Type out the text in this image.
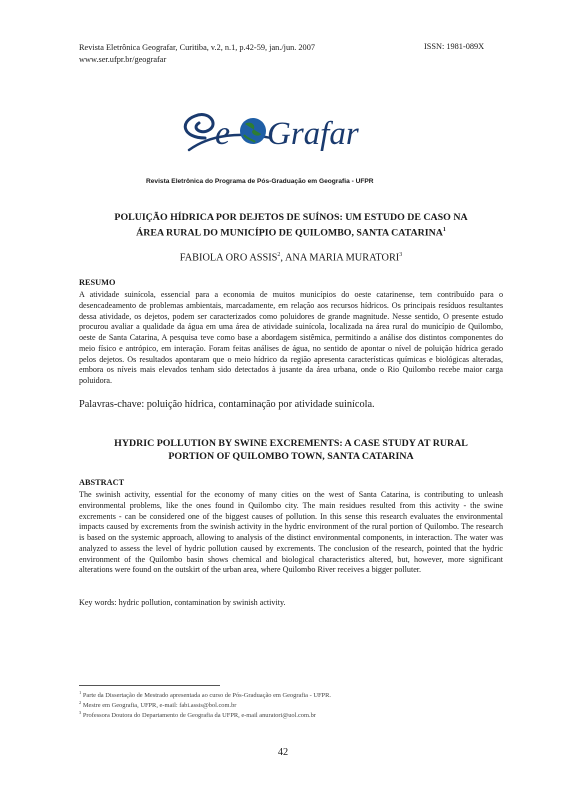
Revista Eletrônica Geografar, Curitiba, v.2, n.1, p.42-59, jan./jun. 2007
www.ser.ufpr.br/geografar
ISSN: 1981-089X
e Grafar
Revista Eletrônica do Programa de Pós-Graduação em Geografia - UFPR
POLUIÇÃO HÍDRICA POR DEJETOS DE SUÍNOS: UM ESTUDO DE CASO NA
ÁREA RURAL DO MUNICÍPIO DE QUILOMBO, SANTA CATARINA$^1$
FABIOLA ORO ASSIS$^2$, ANA MARIA MURATORI$^3$
RESUMO
A atividade suinícola, essencial para a economia de muitos municípios do oeste catarinense, tem contribuído para o desencadeamento de problemas ambientais, marcadamente, em relação aos recursos hídricos. Os principais resíduos resultantes dessa atividade, os dejetos, podem ser caracterizados como poluidores de grande magnitude. Nesse sentido, O presente estudo procurou avaliar a qualidade da água em uma área de atividade suinícola, localizada na área rural do município de Quilombo, oeste de Santa Catarina, A pesquisa teve como base a abordagem sistêmica, permitindo a análise dos distintos componentes do meio físico e antrópico, em interação. Foram feitas análises de água, no sentido de apontar o nível de poluição hídrica gerado pelos dejetos. Os resultados apontaram que o meio hídrico da região apresenta características químicas e biológicas alteradas, embora os níveis mais elevados tenham sido detectados à jusante da área urbana, onde o Rio Quilombo recebe maior carga poluidora.
Palavras-chave: poluição hídrica, contaminação por atividade suinícola.
HYDRIC POLLUTION BY SWINE EXCREMENTS: A CASE STUDY AT RURAL
PORTION OF QUILOMBO TOWN, SANTA CATARINA
ABSTRACT
The swinish activity, essential for the economy of many cities on the west of Santa Catarina, is contributing to unleash environmental problems, like the ones found in Quilombo city. The main residues resulted from this activity - the swine excrements - can be considered one of the biggest causes of pollution. In this sense this research evaluates the environmental impacts caused by excrements from the swinish activity in the hydric environment of the rural portion of Quilombo. The research is based on the systemic approach, allowing to analysis of the distinct environmental components, in interaction. The water was analyzed to assess the level of hydric pollution caused by excrements. The conclusion of the research, pointed that the hydric environment of the Quilombo basin shows chemical and biological characteristics altered, but, however, more significant alterations were found on the outskirt of the urban area, where Quilombo River receives a bigger polluter.
Key words: hydric pollution, contamination by swinish activity.
$^1$ Parte da Dissertação de Mestrado apresentada ao curso de Pós-Graduação em Geografia - UFPR.
$^2$ Mestre em Geografia, UFPR, e-mail: fabi.assis@bol.com.br
$^3$ Professora Doutora do Departamento de Geografia da UFPR, e-mail anuratori@uol.com.br
42
